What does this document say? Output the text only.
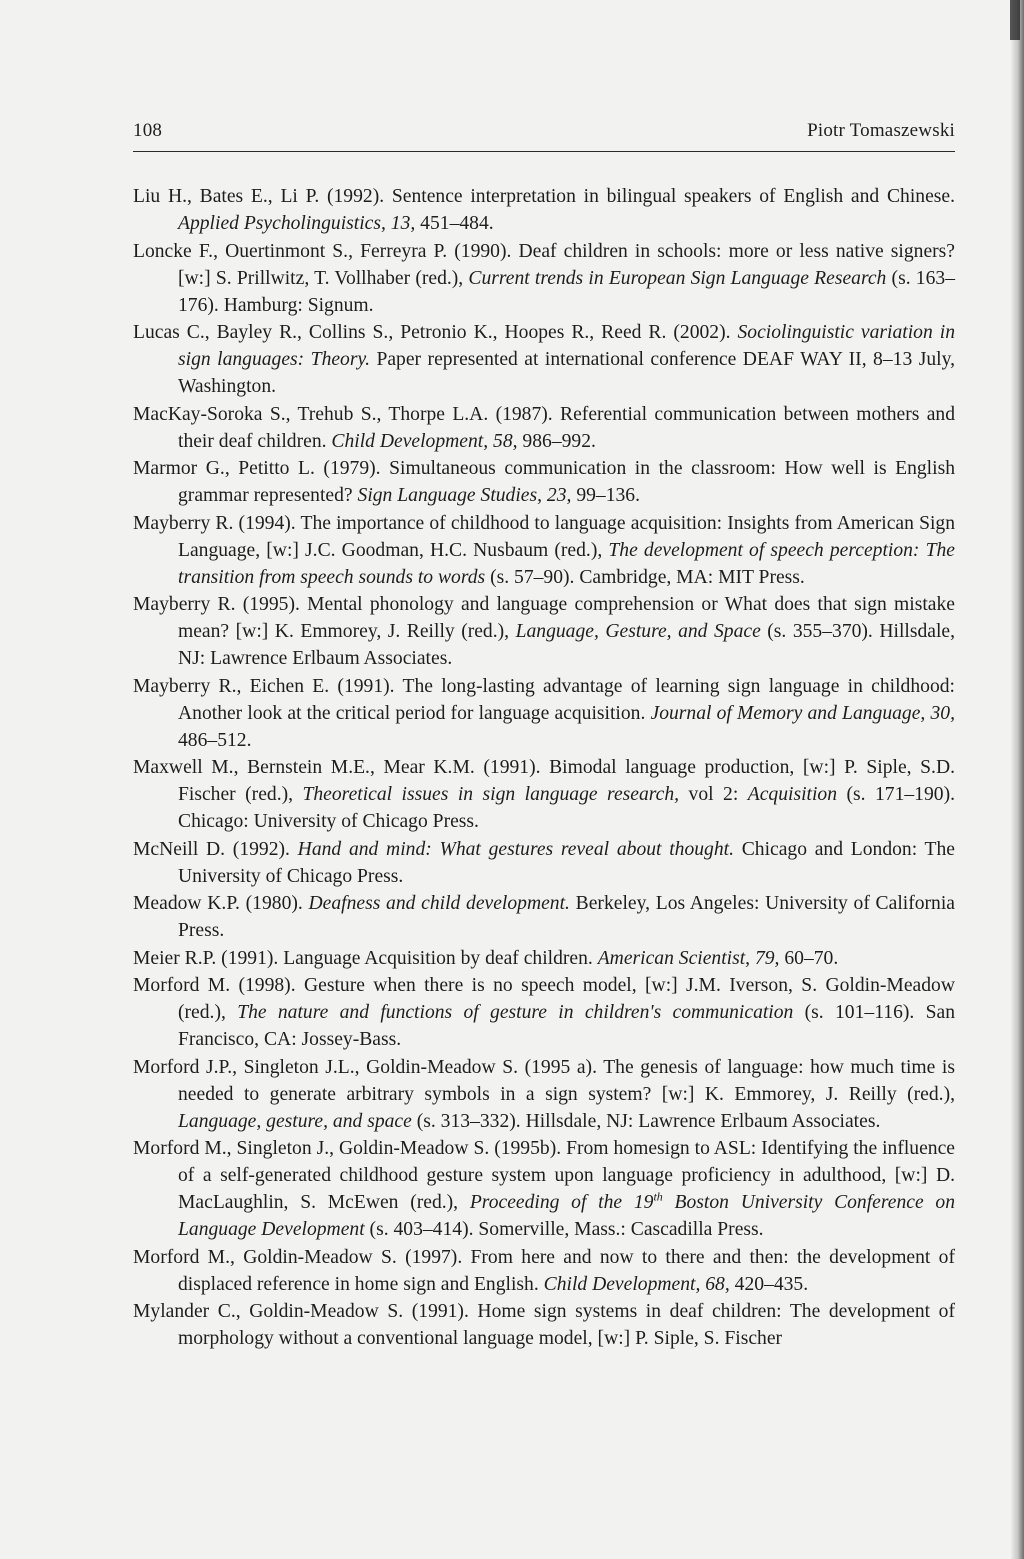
108	Piotr Tomaszewski
Liu H., Bates E., Li P. (1992). Sentence interpretation in bilingual speakers of English and Chinese. Applied Psycholinguistics, 13, 451–484.
Loncke F., Ouertinmont S., Ferreyra P. (1990). Deaf children in schools: more or less native signers? [w:] S. Prillwitz, T. Vollhaber (red.), Current trends in European Sign Language Research (s. 163–176). Hamburg: Signum.
Lucas C., Bayley R., Collins S., Petronio K., Hoopes R., Reed R. (2002). Sociolinguistic variation in sign languages: Theory. Paper represented at international conference DEAF WAY II, 8–13 July, Washington.
MacKay-Soroka S., Trehub S., Thorpe L.A. (1987). Referential communication between mothers and their deaf children. Child Development, 58, 986–992.
Marmor G., Petitto L. (1979). Simultaneous communication in the classroom: How well is English grammar represented? Sign Language Studies, 23, 99–136.
Mayberry R. (1994). The importance of childhood to language acquisition: Insights from American Sign Language, [w:] J.C. Goodman, H.C. Nusbaum (red.), The development of speech perception: The transition from speech sounds to words (s. 57–90). Cambridge, MA: MIT Press.
Mayberry R. (1995). Mental phonology and language comprehension or What does that sign mistake mean? [w:] K. Emmorey, J. Reilly (red.), Language, Gesture, and Space (s. 355–370). Hillsdale, NJ: Lawrence Erlbaum Associates.
Mayberry R., Eichen E. (1991). The long-lasting advantage of learning sign language in childhood: Another look at the critical period for language acquisition. Journal of Memory and Language, 30, 486–512.
Maxwell M., Bernstein M.E., Mear K.M. (1991). Bimodal language production, [w:] P. Siple, S.D. Fischer (red.), Theoretical issues in sign language research, vol 2: Acquisition (s. 171–190). Chicago: University of Chicago Press.
McNeill D. (1992). Hand and mind: What gestures reveal about thought. Chicago and London: The University of Chicago Press.
Meadow K.P. (1980). Deafness and child development. Berkeley, Los Angeles: University of California Press.
Meier R.P. (1991). Language Acquisition by deaf children. American Scientist, 79, 60–70.
Morford M. (1998). Gesture when there is no speech model, [w:] J.M. Iverson, S. Goldin-Meadow (red.), The nature and functions of gesture in children's communication (s. 101–116). San Francisco, CA: Jossey-Bass.
Morford J.P., Singleton J.L., Goldin-Meadow S. (1995 a). The genesis of language: how much time is needed to generate arbitrary symbols in a sign system? [w:] K. Emmorey, J. Reilly (red.), Language, gesture, and space (s. 313–332). Hillsdale, NJ: Lawrence Erlbaum Associates.
Morford M., Singleton J., Goldin-Meadow S. (1995b). From homesign to ASL: Identifying the influence of a self-generated childhood gesture system upon language proficiency in adulthood, [w:] D. MacLaughlin, S. McEwen (red.), Proceeding of the 19th Boston University Conference on Language Development (s. 403–414). Somerville, Mass.: Cascadilla Press.
Morford M., Goldin-Meadow S. (1997). From here and now to there and then: the development of displaced reference in home sign and English. Child Development, 68, 420–435.
Mylander C., Goldin-Meadow S. (1991). Home sign systems in deaf children: The development of morphology without a conventional language model, [w:] P. Siple, S. Fischer
